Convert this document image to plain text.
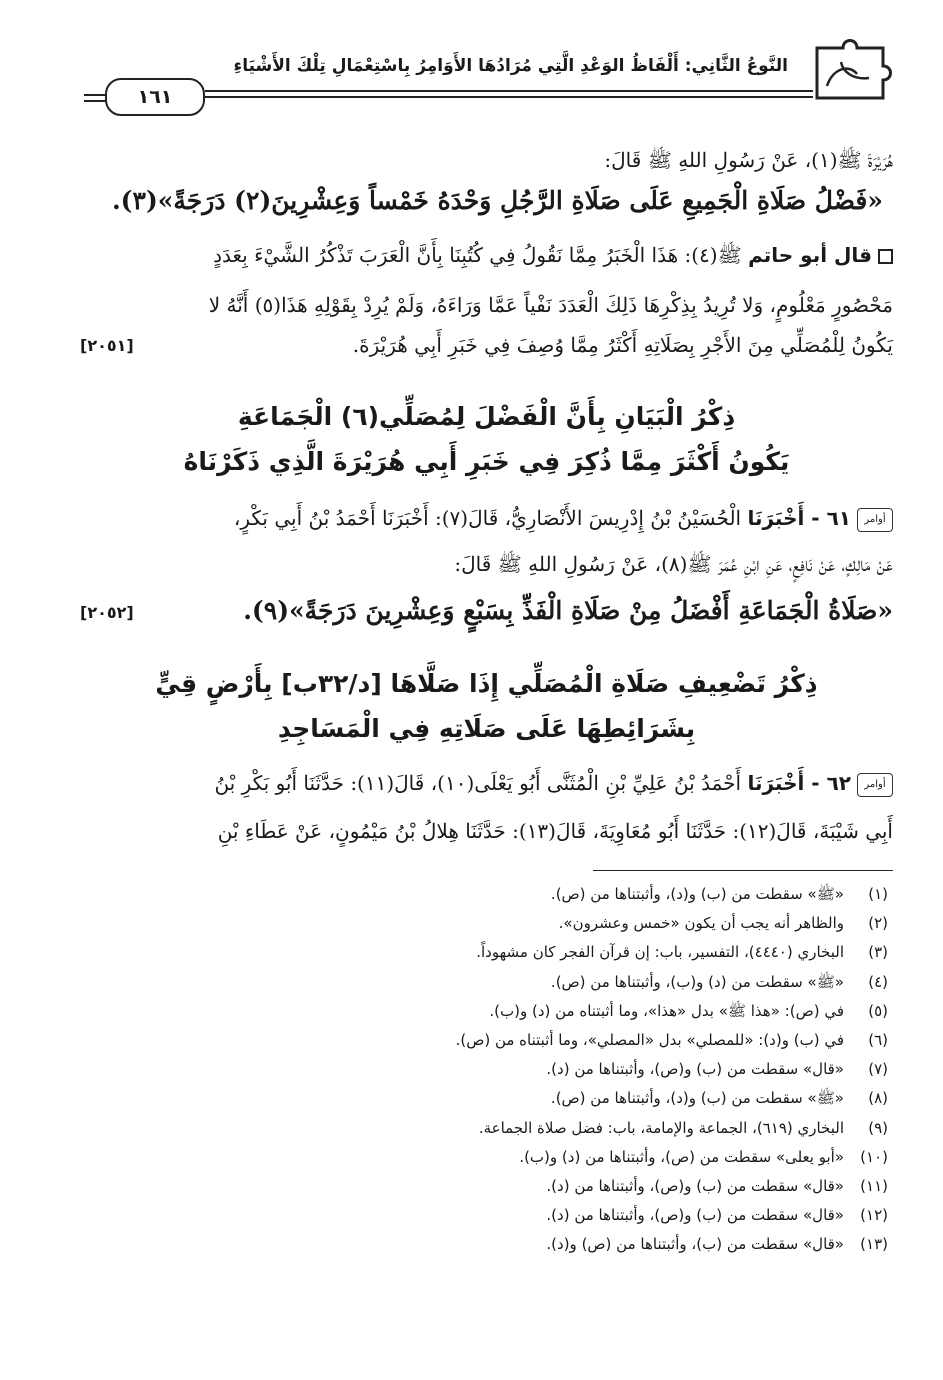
النَّوعُ الثَّانِي: أَلْفَاظُ الوَعْدِ الَّتِي مُرَادُهَا الأَوَامِرُ بِاسْتِعْمَالِ تِلْكَ الأَشْيَاءِ
١٦١
هُرَيْرَةَ ﷺ(١)، عَنْ رَسُولِ اللهِ ﷺ قَالَ:
«فَضْلُ صَلَاةِ الْجَمِيعِ عَلَى صَلَاةِ الرَّجُلِ وَحْدَهُ خَمْساً وَعِشْرِينَ(٢) دَرَجَةً»(٣).
قال أبو حاتم ﷺ(٤): هَذَا الْخَبَرُ مِمَّا نَقُولُ فِي كُتُبِنَا بِأَنَّ الْعَرَبَ تَذْكُرُ الشَّيْءَ بِعَدَدٍ
مَحْصُورٍ مَعْلُومٍ، وَلا تُرِيدُ بِذِكْرِهَا ذَلِكَ الْعَدَدَ نَفْياً عَمَّا وَرَاءَهُ، وَلَمْ يُرِدْ بِقَوْلِهِ هَذَا(٥) أَنَّهُ لا
يَكُونُ لِلْمُصَلِّي مِنَ الأَجْرِ بِصَلَاتِهِ أَكْثَرُ مِمَّا وُصِفَ فِي خَبَرِ أَبِي هُرَيْرَةَ.
[٢٠٥١]
ذِكْرُ الْبَيَانِ بِأَنَّ الْفَضْلَ لِمُصَلِّي(٦) الْجَمَاعَةِ
يَكُونُ أَكْثَرَ مِمَّا ذُكِرَ فِي خَبَرِ أَبِي هُرَيْرَةَ الَّذِي ذَكَرْنَاهُ
أوامر٦١ - أَخْبَرَنَا الْحُسَيْنُ بْنُ إِدْرِيسَ الأَنْصَارِيُّ، قَالَ(٧): أَخْبَرَنَا أَحْمَدُ بْنُ أَبِي بَكْرٍ،
عَنْ مَالِكٍ، عَنْ نَافِعٍ، عَنِ ابْنِ عُمَرَ ﷺ(٨)، عَنْ رَسُولِ اللهِ ﷺ قَالَ:
«صَلَاةُ الْجَمَاعَةِ أَفْضَلُ مِنْ صَلَاةِ الْفَذِّ بِسَبْعٍ وَعِشْرِينَ دَرَجَةً»(٩).
[٢٠٥٢]
ذِكْرُ تَضْعِيفِ صَلَاةِ الْمُصَلِّي إِذَا صَلَّاهَا [د/٣٢ب] بِأَرْضٍ قِيٍّ
بِشَرَائِطِهَا عَلَى صَلَاتِهِ فِي الْمَسَاجِدِ
أوامر٦٢ - أَخْبَرَنَا أَحْمَدُ بْنُ عَلِيِّ بْنِ الْمُثَنَّى أَبُو يَعْلَى(١٠)، قَالَ(١١): حَدَّثَنَا أَبُو بَكْرِ بْنُ
أَبِي شَيْبَةَ، قَالَ(١٢): حَدَّثَنَا أَبُو مُعَاوِيَةَ، قَالَ(١٣): حَدَّثَنَا هِلالُ بْنُ مَيْمُونٍ، عَنْ عَطَاءِ بْنِ
(١)«ﷺ» سقطت من (ب) و(د)، وأثبتناها من (ص).
(٢)والظاهر أنه يجب أن يكون «خمس وعشرون».
(٣)البخاري (٤٤٤٠)، التفسير، باب: إن قرآن الفجر كان مشهوداً.
(٤)«ﷺ» سقطت من (د) و(ب)، وأثبتناها من (ص).
(٥)في (ص): «هذا ﷺ» بدل «هذا»، وما أثبتناه من (د) و(ب).
(٦)في (ب) و(د): «للمصلي» بدل «المصلي»، وما أثبتناه من (ص).
(٧)«قال» سقطت من (ب) و(ص)، وأثبتناها من (د).
(٨)«ﷺ» سقطت من (ب) و(د)، وأثبتناها من (ص).
(٩)البخاري (٦١٩)، الجماعة والإمامة، باب: فضل صلاة الجماعة.
(١٠)«أبو يعلى» سقطت من (ص)، وأثبتناها من (د) و(ب).
(١١)«قال» سقطت من (ب) و(ص)، وأثبتناها من (د).
(١٢)«قال» سقطت من (ب) و(ص)، وأثبتناها من (د).
(١٣)«قال» سقطت من (ب)، وأثبتناها من (ص) و(د).
